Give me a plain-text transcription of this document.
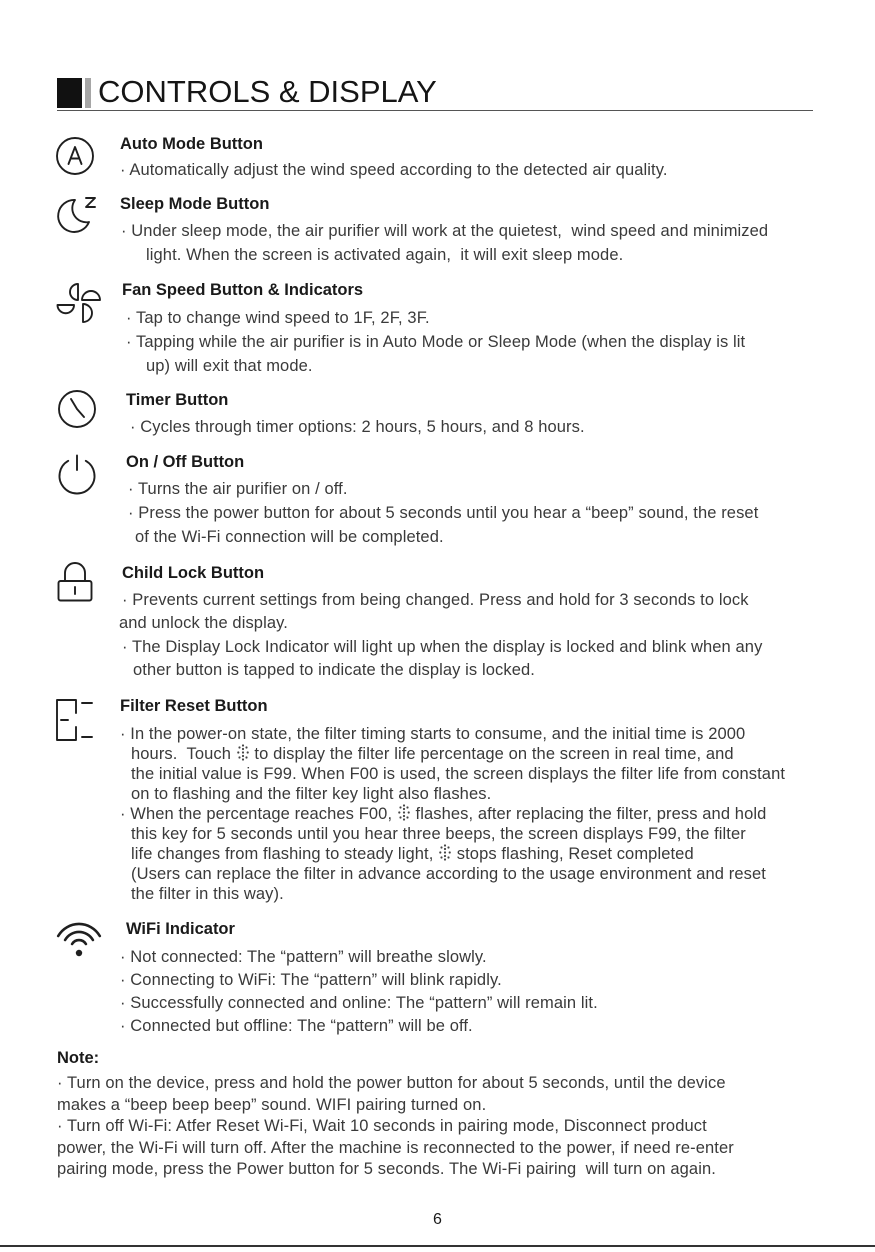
CONTROLS & DISPLAY
Auto Mode Button
· Automatically adjust the wind speed according to the detected air quality.
Sleep Mode Button
· Under sleep mode, the air purifier will work at the quietest,  wind speed and minimized
light. When the screen is activated again,  it will exit sleep mode.
Fan Speed Button & Indicators
· Tap to change wind speed to 1F, 2F, 3F.
· Tapping while the air purifier is in Auto Mode or Sleep Mode (when the display is lit
up) will exit that mode.
Timer Button
· Cycles through timer options: 2 hours, 5 hours, and 8 hours.
On / Off Button
· Turns the air purifier on / off.
· Press the power button for about 5 seconds until you hear a “beep” sound, the reset
of the Wi-Fi connection will be completed.
Child Lock Button
· Prevents current settings from being changed. Press and hold for 3 seconds to lock
and unlock the display.
· The Display Lock Indicator will light up when the display is locked and blink when any
other button is tapped to indicate the display is locked.
Filter Reset Button
· In the power-on state, the filter timing starts to consume, and the initial time is 2000
hours.  Touch
to display the filter life percentage on the screen in real time, and
the initial value is F99. When F00 is used, the screen displays the filter life from constant
on to flashing and the filter key light also flashes.
· When the percentage reaches F00,
flashes, after replacing the filter, press and hold
this key for 5 seconds until you hear three beeps, the screen displays F99, the filter
life changes from flashing to steady light,
stops flashing, Reset completed
(Users can replace the filter in advance according to the usage environment and reset
the filter in this way).
WiFi Indicator
· Not connected: The “pattern” will breathe slowly.
· Connecting to WiFi: The “pattern” will blink rapidly.
· Successfully connected and online: The “pattern” will remain lit.
· Connected but offline: The “pattern” will be off.
Note:
· Turn on the device, press and hold the power button for about 5 seconds, until the device
makes a “beep beep beep” sound. WIFI pairing turned on.
· Turn off Wi-Fi: Atfer Reset Wi-Fi, Wait 10 seconds in pairing mode, Disconnect product
power, the Wi-Fi will turn off. After the machine is reconnected to the power, if need re-enter
pairing mode, press the Power button for 5 seconds. The Wi-Fi pairing  will turn on again.
6
